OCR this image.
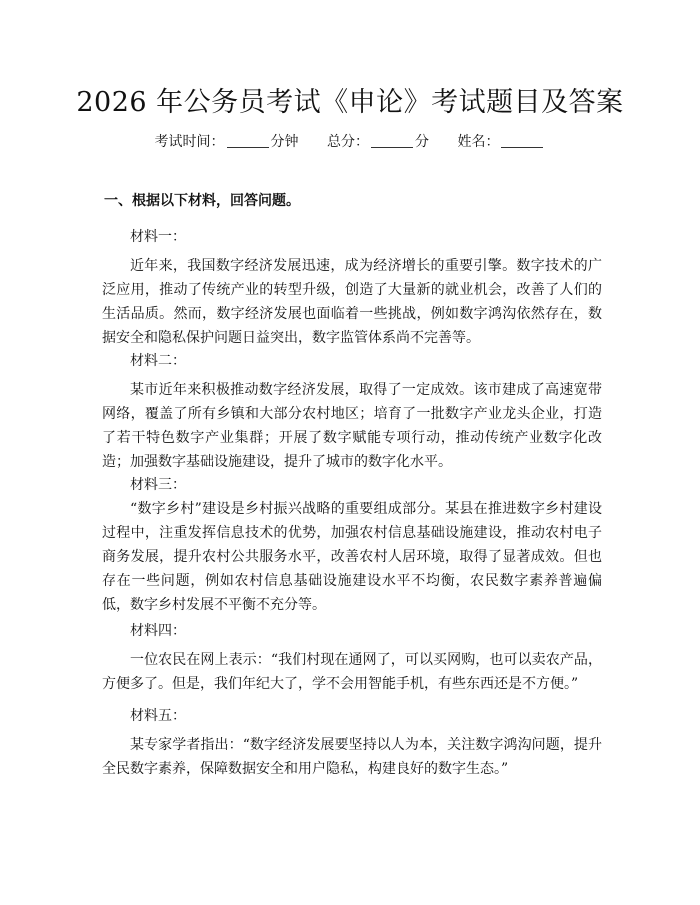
2026 年公务员考试《申论》考试题目及答案
考试时间：	分钟 总分：	分 姓名：
一、根据以下材料，回答问题。
材料一：
近年来，我国数字经济发展迅速，成为经济增长的重要引擎。数字技术的广泛应用，推动了传统产业的转型升级，创造了大量新的就业机会，改善了人们的生活品质。然而，数字经济发展也面临着一些挑战，例如数字鸿沟依然存在，数据安全和隐私保护问题日益突出，数字监管体系尚不完善等。
材料二：
某市近年来积极推动数字经济发展，取得了一定成效。该市建成了高速宽带网络，覆盖了所有乡镇和大部分农村地区；培育了一批数字产业龙头企业，打造了若干特色数字产业集群；开展了数字赋能专项行动，推动传统产业数字化改造；加强数字基础设施建设，提升了城市的数字化水平。
材料三：
“数字乡村”建设是乡村振兴战略的重要组成部分。某县在推进数字乡村建设过程中，注重发挥信息技术的优势，加强农村信息基础设施建设，推动农村电子商务发展，提升农村公共服务水平，改善农村人居环境，取得了显著成效。但也存在一些问题，例如农村信息基础设施建设水平不均衡，农民数字素养普遍偏低，数字乡村发展不平衡不充分等。
材料四：
一位农民在网上表示：“我们村现在通网了，可以买网购，也可以卖农产品，方便多了。但是，我们年纪大了，学不会用智能手机，有些东西还是不方便。”
材料五：
某专家学者指出：“数字经济发展要坚持以人为本，关注数字鸿沟问题，提升全民数字素养，保障数据安全和用户隐私，构建良好的数字生态。”
